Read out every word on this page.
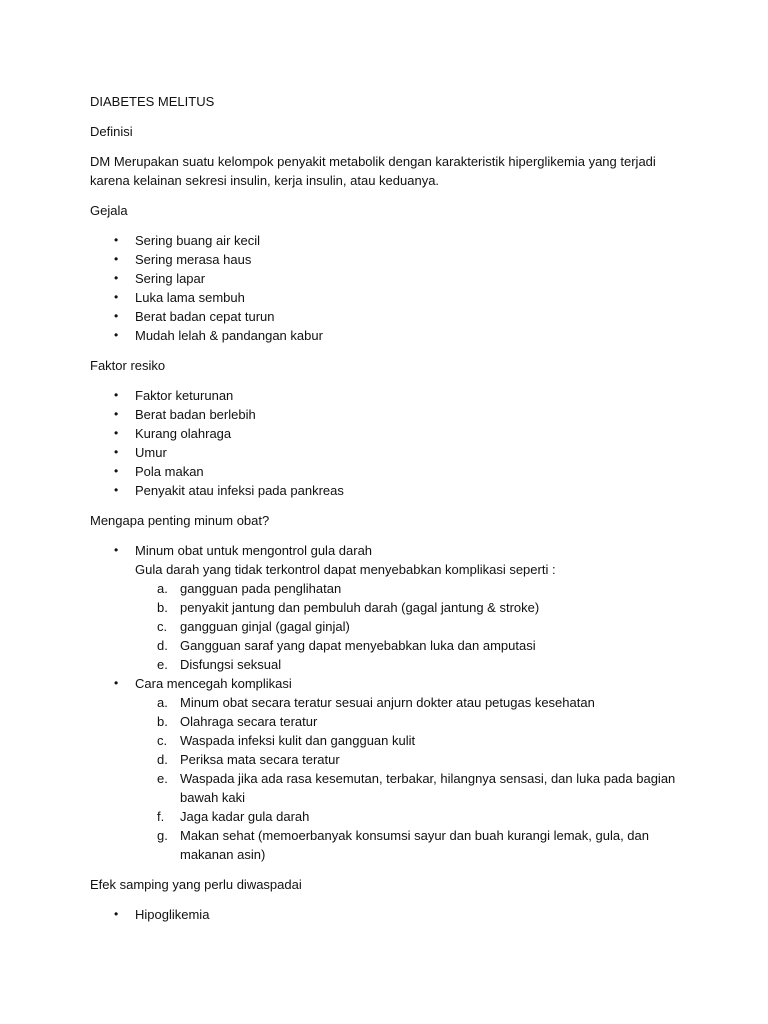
DIABETES MELITUS
Definisi
DM Merupakan suatu kelompok penyakit metabolik dengan karakteristik hiperglikemia yang terjadi
karena kelainan sekresi insulin, kerja insulin, atau keduanya.
Gejala
• Sering buang air kecil
• Sering merasa haus
• Sering lapar
• Luka lama sembuh
• Berat badan cepat turun
• Mudah lelah & pandangan kabur
Faktor resiko
• Faktor keturunan
• Berat badan berlebih
• Kurang olahraga
• Umur
• Pola makan
• Penyakit atau infeksi pada pankreas
Mengapa penting minum obat?
• Minum obat untuk mengontrol gula darah
Gula darah yang tidak terkontrol dapat menyebabkan komplikasi seperti :
a. gangguan pada penglihatan
b. penyakit jantung dan pembuluh darah (gagal jantung & stroke)
c. gangguan ginjal (gagal ginjal)
d. Gangguan saraf yang dapat menyebabkan luka dan amputasi
e. Disfungsi seksual
• Cara mencegah komplikasi
a. Minum obat secara teratur sesuai anjurn dokter atau petugas kesehatan
b. Olahraga secara teratur
c. Waspada infeksi kulit dan gangguan kulit
d. Periksa mata secara teratur
e. Waspada jika ada rasa kesemutan, terbakar, hilangnya sensasi, dan luka pada bagian bawah kaki
f. Jaga kadar gula darah
g. Makan sehat (memoerbanyak konsumsi sayur dan buah kurangi lemak, gula, dan makanan asin)
Efek samping yang perlu diwaspadai
• Hipoglikemia
